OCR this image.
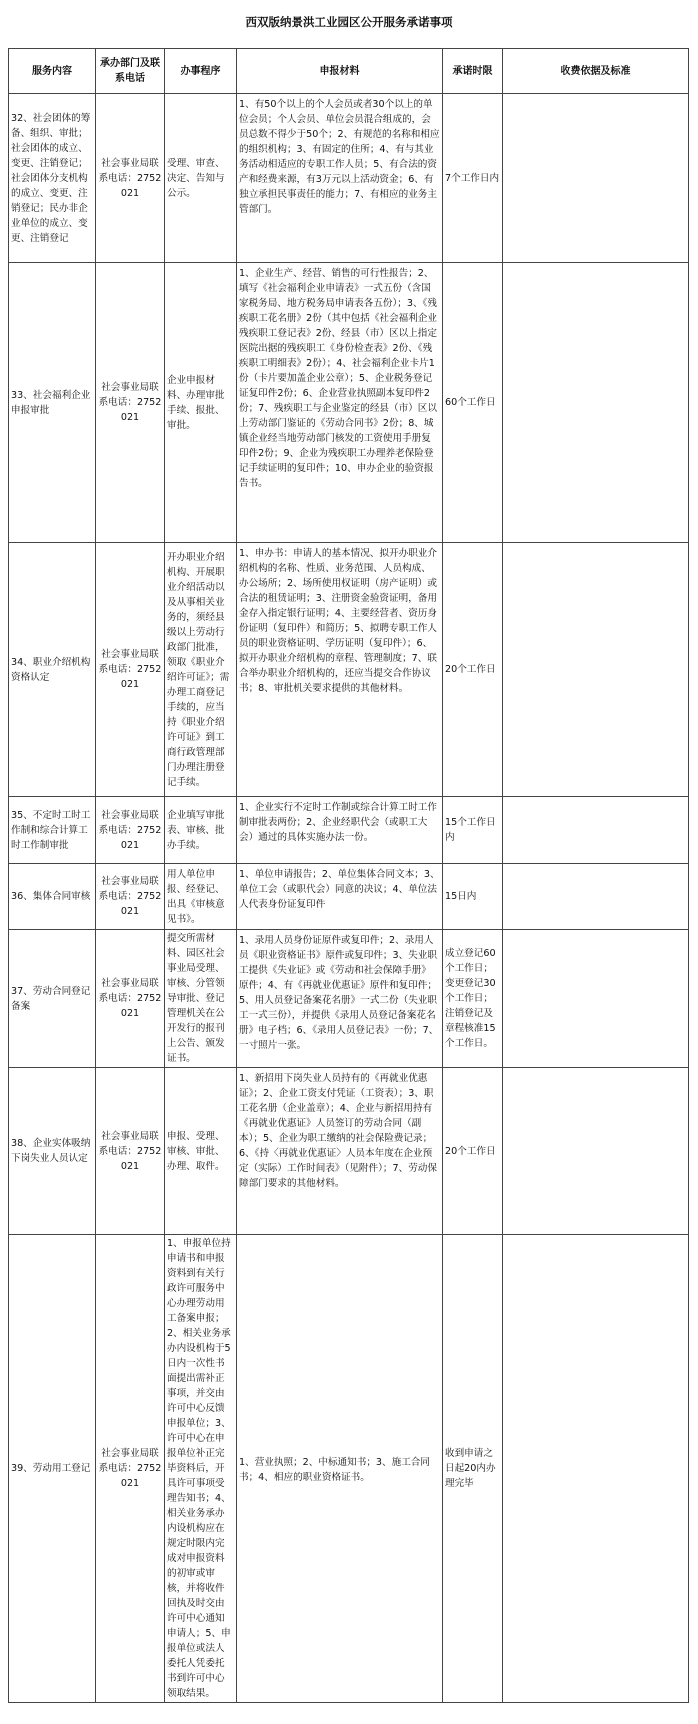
西双版纳景洪工业园区公开服务承诺事项
服务内容	承办部门及联系电话	办事程序	申报材料	承诺时限	收费依据及标准
32、社会团体的筹备、组织、审批；社会团体的成立、变更、注销登记；社会团体分支机构的成立、变更、注销登记；民办非企业单位的成立、变更、注销登记	社会事业局联系电话：2752021	受理、审查、决定、告知与公示。	1、有50个以上的个人会员或者30个以上的单位会员；个人会员、单位会员混合组成的，会员总数不得少于50个；2、有规范的名称和相应的组织机构；3、有固定的住所；4、有与其业务活动相适应的专职工作人员；5、有合法的资产和经费来源，有3万元以上活动资金；6、有独立承担民事责任的能力；7、有相应的业务主管部门。	7个工作日内	
33、社会福利企业申报审批	社会事业局联系电话：2752021	企业申报材料、办理审批手续、报批、审批。	1、企业生产、经营、销售的可行性报告；2、填写《社会福利企业申请表》一式五份（含国家税务局、地方税务局申请表各五份）；3、《残疾职工花名册》2份（其中包括《社会福利企业残疾职工登记表》2份、经县（市）区以上指定医院出据的残疾职工《身份检查表》2份、《残疾职工明细表》2份）；4、社会福利企业卡片1份（卡片要加盖企业公章）；5、企业税务登记证复印件2份；6、企业营业执照副本复印件2份；7、残疾职工与企业鉴定的经县（市）区以上劳动部门鉴证的《劳动合同书》2份；8、城镇企业经当地劳动部门核发的工资使用手册复印件2份；9、企业为残疾职工办理养老保险登记手续证明的复印件；10、申办企业的验资报告书。	60个工作日	
34、职业介绍机构资格认定	社会事业局联系电话：2752021	开办职业介绍机构、开展职业介绍活动以及从事相关业务的，须经县级以上劳动行政部门批准，领取《职业介绍许可证》；需办理工商登记手续的，应当持《职业介绍许可证》到工商行政管理部门办理注册登记手续。	1、申办书：申请人的基本情况、拟开办职业介绍机构的名称、性质、业务范围、人员构成、办公场所；2、场所使用权证明（房产证明）或合法的租赁证明；3、注册资金验资证明，备用金存入指定银行证明；4、主要经营者、资历身份证明（复印件）和简历；5、拟聘专职工作人员的职业资格证明、学历证明（复印件）；6、拟开办职业介绍机构的章程、管理制度；7、联合举办职业介绍机构的，还应当提交合作协议书；8、审批机关要求提供的其他材料。	20个工作日	
35、不定时工时工作制和综合计算工时工作制审批	社会事业局联系电话：2752021	企业填写审批表、审核、批办手续。	1、企业实行不定时工作制或综合计算工时工作制审批表两份；2、企业经职代会（或职工大会）通过的具体实施办法一份。	15个工作日内	
36、集体合同审核	社会事业局联系电话：2752021	用人单位申报、经登记、出具《审核意见书》。	1、单位申请报告；2、单位集体合同文本；3、单位工会（或职代会）同意的决议；4、单位法人代表身份证复印件	15日内	
37、劳动合同登记备案	社会事业局联系电话：2752021	提交所需材料、园区社会事业局受理、审核、分管领导审批、登记管理机关在公开发行的报刊上公告、颁发证书。	1、录用人员身份证原件或复印件；2、录用人员《职业资格证书》原件或复印件；3、失业职工提供《失业证》或《劳动和社会保障手册》原件；4、有《再就业优惠证》原件和复印件；5、用人员登记备案花名册》一式二份（失业职工一式三份），并提供《录用人员登记备案花名册》电子档；6、《录用人员登记表》一份；7、一寸照片一张。	成立登记60个工作日；变更登记30个工作日；注销登记及章程核准15个工作日。	
38、企业实体吸纳下岗失业人员认定	社会事业局联系电话：2752021	申报、受理、审核、审批、办理、取件。	1、新招用下岗失业人员持有的《再就业优惠证》；2、企业工资支付凭证（工资表）；3、职工花名册（企业盖章）；4、企业与新招用持有《再就业优惠证》人员签订的劳动合同（副本）；5、企业为职工缴纳的社会保险费记录；6、《持〈再就业优惠证〉人员本年度在企业预定（实际）工作时间表》（见附件）；7、劳动保障部门要求的其他材料。	20个工作日	
39、劳动用工登记	社会事业局联系电话：2752021	1、申报单位持申请书和申报资料到有关行政许可服务中心办理劳动用工备案申报；2、相关业务承办内设机构于5日内一次性书面提出需补正事项，并交由许可中心反馈申报单位；3、许可中心在申报单位补正完毕资料后，开具许可事项受理告知书；4、相关业务承办内设机构应在规定时限内完成对申报资料的初审或审核，并将收件回执及时交由许可中心通知申请人；5、申报单位或法人委托人凭委托书到许可中心领取结果。	1、营业执照；2、中标通知书；3、施工合同书；4、相应的职业资格证书。	收到申请之日起20内办理完毕	
